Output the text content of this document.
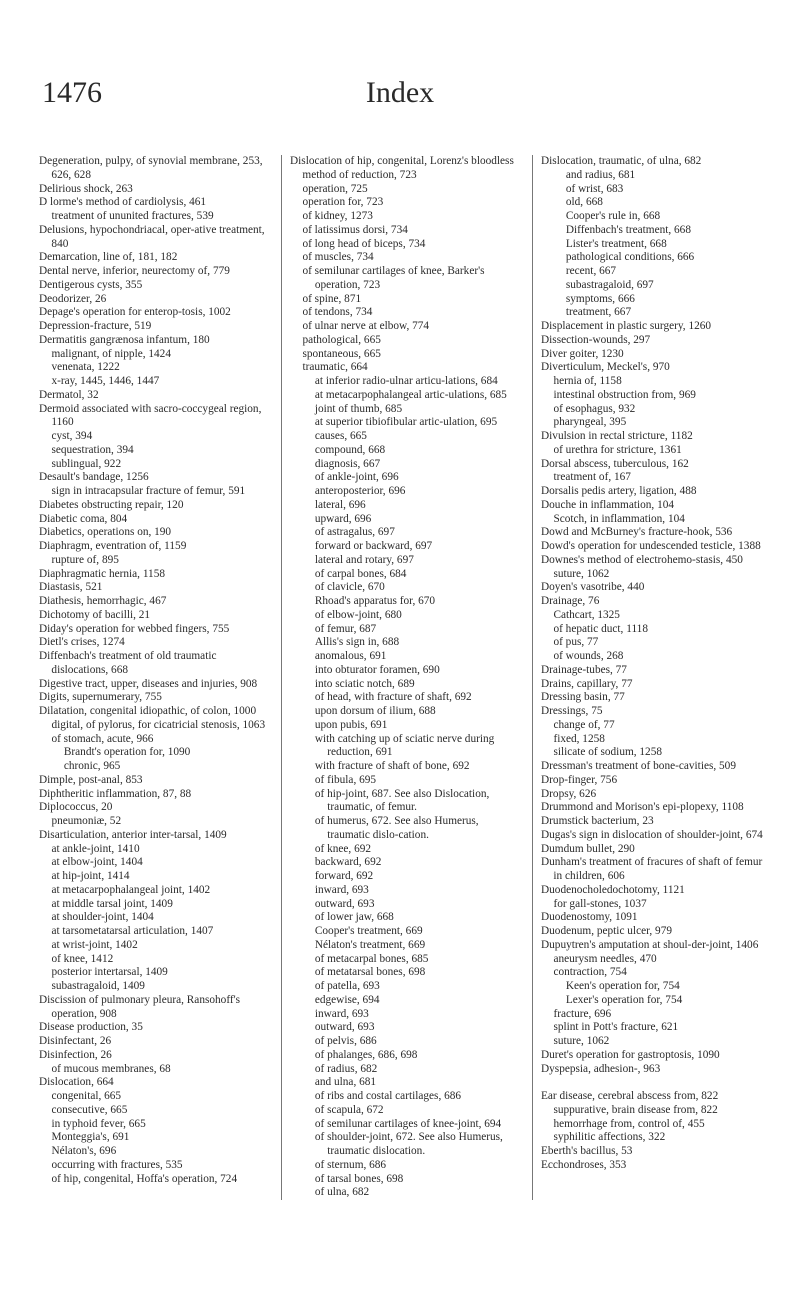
1476	Index
Degeneration, pulpy, of synovial membrane, 253, 626, 628
Delirious shock, 263
D lorme's method of cardiolysis, 461
treatment of ununited fractures, 539
Delusions, hypochondriacal, oper-ative treatment, 840
Demarcation, line of, 181, 182
Dental nerve, inferior, neurectomy of, 779
Dentigerous cysts, 355
Deodorizer, 26
Depage's operation for enterop-tosis, 1002
Depression-fracture, 519
Dermatitis gangrænosa infantum, 180
malignant, of nipple, 1424
venenata, 1222
x-ray, 1445, 1446, 1447
Dermatol, 32
Dermoid associated with sacro-coccygeal region, 1160
cyst, 394
sequestration, 394
sublingual, 922
Desault's bandage, 1256
sign in intracapsular fracture of femur, 591
Diabetes obstructing repair, 120
Diabetic coma, 804
Diabetics, operations on, 190
Diaphragm, eventration of, 1159
rupture of, 895
Diaphragmatic hernia, 1158
Diastasis, 521
Diathesis, hemorrhagic, 467
Dichotomy of bacilli, 21
Diday's operation for webbed fingers, 755
Dietl's crises, 1274
Diffenbach's treatment of old traumatic dislocations, 668
Digestive tract, upper, diseases and injuries, 908
Digits, supernumerary, 755
Dilatation, congenital idiopathic, of colon, 1000
digital, of pylorus, for cicatricial stenosis, 1063
of stomach, acute, 966
Brandt's operation for, 1090
chronic, 965
Dimple, post-anal, 853
Diphtheritic inflammation, 87, 88
Diplococcus, 20
pneumoniæ, 52
Disarticulation, anterior inter-tarsal, 1409
at ankle-joint, 1410
at elbow-joint, 1404
at hip-joint, 1414
at metacarpophalangeal joint, 1402
at middle tarsal joint, 1409
at shoulder-joint, 1404
at tarsometatarsal articulation, 1407
at wrist-joint, 1402
of knee, 1412
posterior intertarsal, 1409
subastragaloid, 1409
Discission of pulmonary pleura, Ransohoff's operation, 908
Disease production, 35
Disinfectant, 26
Disinfection, 26
of mucous membranes, 68
Dislocation, 664
congenital, 665
consecutive, 665
in typhoid fever, 665
Monteggia's, 691
Nélaton's, 696
occurring with fractures, 535
of hip, congenital, Hoffa's operation, 724
Dislocation of hip, congenital, Lorenz's bloodless method of reduction, 723
operation, 725
operation for, 723
of kidney, 1273
of latissimus dorsi, 734
of long head of biceps, 734
of muscles, 734
of semilunar cartilages of knee, Barker's operation, 723
of spine, 871
of tendons, 734
of ulnar nerve at elbow, 774
pathological, 665
spontaneous, 665
traumatic, 664
at inferior radio-ulnar articu-lations, 684
at metacarpophalangeal artic-ulations, 685
joint of thumb, 685
at superior tibiofibular artic-ulation, 695
causes, 665
compound, 668
diagnosis, 667
of ankle-joint, 696
anteroposterior, 696
lateral, 696
upward, 696
of astragalus, 697
forward or backward, 697
lateral and rotary, 697
of carpal bones, 684
of clavicle, 670
Rhoad's apparatus for, 670
of elbow-joint, 680
of femur, 687
Allis's sign in, 688
anomalous, 691
into obturator foramen, 690
into sciatic notch, 689
of head, with fracture of shaft, 692
upon dorsum of ilium, 688
upon pubis, 691
with catching up of sciatic nerve during reduction, 691
with fracture of shaft of bone, 692
of fibula, 695
of hip-joint, 687. See also Dislocation, traumatic, of femur.
of humerus, 672. See also Humerus, traumatic dislo-cation.
of knee, 692
backward, 692
forward, 692
inward, 693
outward, 693
of lower jaw, 668
Cooper's treatment, 669
Nélaton's treatment, 669
of metacarpal bones, 685
of metatarsal bones, 698
of patella, 693
edgewise, 694
inward, 693
outward, 693
of pelvis, 686
of phalanges, 686, 698
of radius, 682
and ulna, 681
of ribs and costal cartilages, 686
of scapula, 672
of semilunar cartilages of knee-joint, 694
of shoulder-joint, 672. See also Humerus, traumatic dislocation.
of sternum, 686
of tarsal bones, 698
of ulna, 682
Dislocation, traumatic, of ulna, 682
and radius, 681
of wrist, 683
old, 668
Cooper's rule in, 668
Diffenbach's treatment, 668
Lister's treatment, 668
pathological conditions, 666
recent, 667
subastragaloid, 697
symptoms, 666
treatment, 667
Displacement in plastic surgery, 1260
Dissection-wounds, 297
Diver goiter, 1230
Diverticulum, Meckel's, 970
hernia of, 1158
intestinal obstruction from, 969
of esophagus, 932
pharyngeal, 395
Divulsion in rectal stricture, 1182
of urethra for stricture, 1361
Dorsal abscess, tuberculous, 162
treatment of, 167
Dorsalis pedis artery, ligation, 488
Douche in inflammation, 104
Scotch, in inflammation, 104
Dowd and McBurney's fracture-hook, 536
Dowd's operation for undescended testicle, 1388
Downes's method of electrohemo-stasis, 450
suture, 1062
Doyen's vasotribe, 440
Drainage, 76
Cathcart, 1325
of hepatic duct, 1118
of pus, 77
of wounds, 268
Drainage-tubes, 77
Drains, capillary, 77
Dressing basin, 77
Dressings, 75
change of, 77
fixed, 1258
silicate of sodium, 1258
Dressman's treatment of bone-cavities, 509
Drop-finger, 756
Dropsy, 626
Drummond and Morison's epi-plopexy, 1108
Drumstick bacterium, 23
Dugas's sign in dislocation of shoulder-joint, 674
Dumdum bullet, 290
Dunham's treatment of fracures of shaft of femur in children, 606
Duodenocholedochotomy, 1121
for gall-stones, 1037
Duodenostomy, 1091
Duodenum, peptic ulcer, 979
Dupuytren's amputation at shoul-der-joint, 1406
aneurysm needles, 470
contraction, 754
Keen's operation for, 754
Lexer's operation for, 754
fracture, 696
splint in Pott's fracture, 621
suture, 1062
Duret's operation for gastroptosis, 1090
Dyspepsia, adhesion-, 963
Ear disease, cerebral abscess from, 822
suppurative, brain disease from, 822
hemorrhage from, control of, 455
syphilitic affections, 322
Eberth's bacillus, 53
Ecchondroses, 353
